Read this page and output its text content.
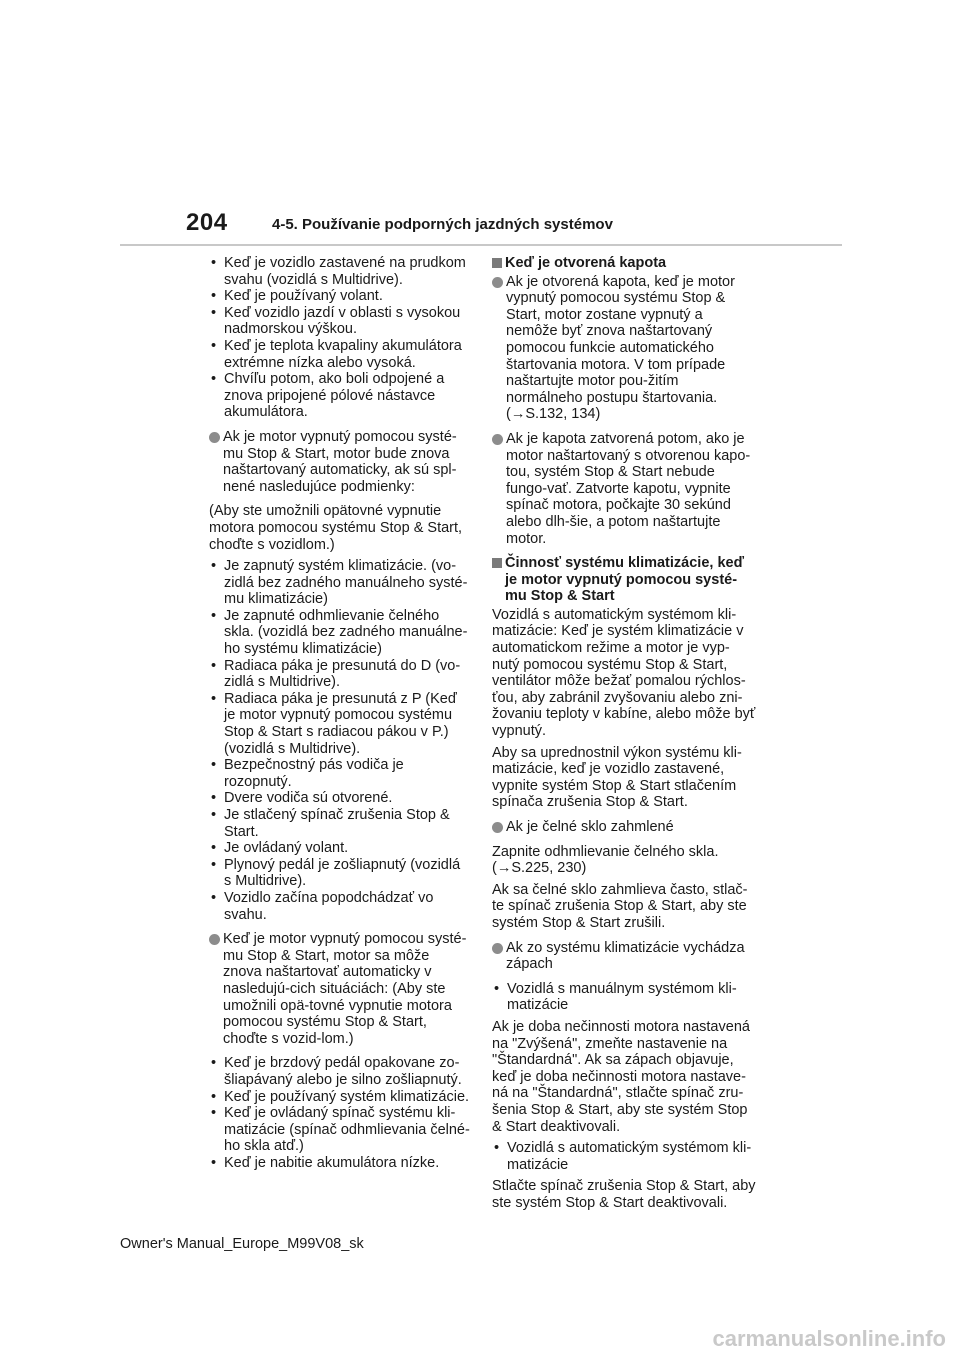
204	4-5. Používanie podporných jazdných systémov
• Keď je vozidlo zastavené na prudkom svahu (vozidlá s Multidrive).
• Keď je používaný volant.
• Keď vozidlo jazdí v oblasti s vysokou nadmorskou výškou.
• Keď je teplota kvapaliny akumulátora extrémne nízka alebo vysoká.
• Chvíľu potom, ako boli odpojené a znova pripojené pólové nástavce akumulátora.
Ak je motor vypnutý pomocou systé-mu Stop & Start, motor bude znova naštartovaný automaticky, ak sú spl-nené nasledujúce podmienky:

(Aby ste umožnili opätovné vypnutie motora pomocou systému Stop & Start, choďte s vozidlom.)

• Je zapnutý systém klimatizácie. (vo-zidlá bez zadného manuálneho systé-mu klimatizácie)
• Je zapnuté odhmlievanie čelného skla. (vozidlá bez zadného manuálne-ho systému klimatizácie)
• Radiaca páka je presunutá do D (vo-zidlá s Multidrive).
• Radiaca páka je presunutá z P (Keď je motor vypnutý pomocou systému Stop & Start s radiacou pákou v P.) (vozidlá s Multidrive).
• Bezpečnostný pás vodiča je rozopnutý.
• Dvere vodiča sú otvorené.
• Je stlačený spínač zrušenia Stop & Start.
• Je ovládaný volant.
• Plynový pedál je zošliapnutý (vozidlá s Multidrive).
• Vozidlo začína popodchádzať vo svahu.
Keď je motor vypnutý pomocou systé-mu Stop & Start, motor sa môže znova naštartovať automaticky v nasledujú-cich situáciách: (Aby ste umožnili opä-tovné vypnutie motora pomocou systému Stop & Start, choďte s vozid-lom.)
• Keď je brzdový pedál opakovane zo-šliapávaný alebo je silno zošliapnutý.
• Keď je používaný systém klimatizácie.
• Keď je ovládaný spínač systému kli-matizácie (spínač odhmlievania čelné-ho skla atď.)
• Keď je nabitie akumulátora nízke.
Keď je otvorená kapota
Ak je otvorená kapota, keď je motor vypnutý pomocou systému Stop & Start, motor zostane vypnutý a nemôže byť znova naštartovaný pomocou funkcie automatického štartovania motora. V tom prípade naštartujte motor pou-žitím normálneho postupu štartovania. (→S.132, 134)
Ak je kapota zatvorená potom, ako je motor naštartovaný s otvorenou kapo-tou, systém Stop & Start nebude fungo-vať. Zatvorte kapotu, vypnite spínač motora, počkajte 30 sekúnd alebo dlh-šie, a potom naštartujte motor.
Činnosť systému klimatizácie, keď je motor vypnutý pomocou systé-mu Stop & Start

Vozidlá s automatickým systémom kli-matizácie: Keď je systém klimatizácie v automatickom režime a motor je vyp-nutý pomocou systému Stop & Start, ventilátor môže bežať pomalou rýchlos-ťou, aby zabránil zvyšovaniu alebo zni-žovaniu teploty v kabíne, alebo môže byť vypnutý.

Aby sa uprednostnil výkon systému kli-matizácie, keď je vozidlo zastavené, vypnite systém Stop & Start stlačením spínača zrušenia Stop & Start.

Ak je čelné sklo zahmlené

Zapnite odhmlievanie čelného skla. (→S.225, 230)

Ak sa čelné sklo zahmlieva často, stlač-te spínač zrušenia Stop & Start, aby ste systém Stop & Start zrušili.

Ak zo systému klimatizácie vychádza zápach
• Vozidlá s manuálnym systémom kli-matizácie

Ak je doba nečinnosti motora nastavená na "Zvýšená", zmeňte nastavenie na "Štandardná". Ak sa zápach objavuje, keď je doba nečinnosti motora nastave-ná na "Štandardná", stlačte spínač zru-šenia Stop & Start, aby ste systém Stop & Start deaktivovali.

• Vozidlá s automatickým systémom kli-matizácie

Stlačte spínač zrušenia Stop & Start, aby ste systém Stop & Start deaktivovali.

Owner's Manual_Europe_M99V08_sk
carmanualsonline.info
